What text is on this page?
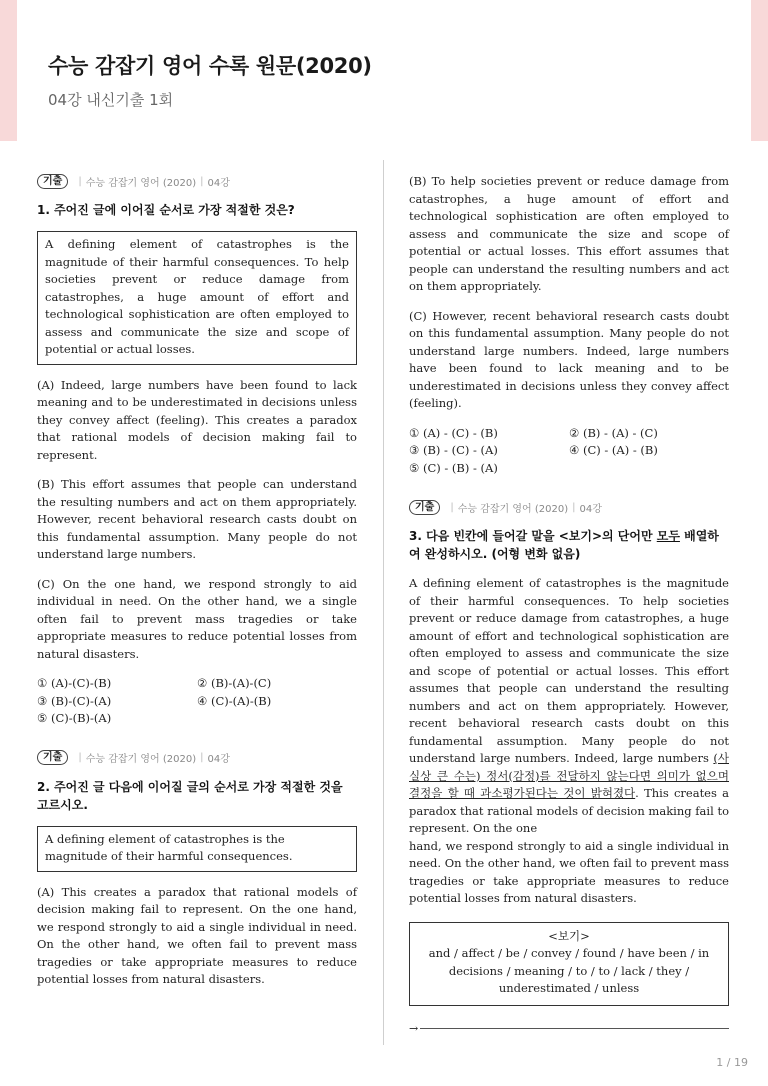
수능 감잡기 영어 수록 원문(2020)
04강 내신기출 1회
기출	| 수능 감잡기 영어 (2020) | 04강
1. 주어진 글에 이어질 순서로 가장 적절한 것은?
A defining element of catastrophes is the magnitude of their harmful consequences. To help societies prevent or reduce damage from catastrophes, a huge amount of effort and technological sophistication are often employed to assess and communicate the size and scope of potential or actual losses.
(A) Indeed, large numbers have been found to lack meaning and to be underestimated in decisions unless they convey affect (feeling). This creates a paradox that rational models of decision making fail to represent.
(B) This effort assumes that people can understand the resulting numbers and act on them appropriately. However, recent behavioral research casts doubt on this fundamental assumption. Many people do not understand large numbers.
(C) On the one hand, we respond strongly to aid individual in need. On the other hand, we a single often fail to prevent mass tragedies or take appropriate measures to reduce potential losses from natural disasters.
① (A)-(C)-(B)	② (B)-(A)-(C)
③ (B)-(C)-(A)	④ (C)-(A)-(B)
⑤ (C)-(B)-(A)
기출	| 수능 감잡기 영어 (2020) | 04강
2. 주어진 글 다음에 이어질 글의 순서로 가장 적절한 것을 고르시오.
A defining element of catastrophes is the magnitude of their harmful consequences.
(A) This creates a paradox that rational models of decision making fail to represent. On the one hand, we respond strongly to aid a single individual in need. On the other hand, we often fail to prevent mass tragedies or take appropriate measures to reduce potential losses from natural disasters.
(B) To help societies prevent or reduce damage from catastrophes, a huge amount of effort and technological sophistication are often employed to assess and communicate the size and scope of potential or actual losses. This effort assumes that people can understand the resulting numbers and act on them appropriately.
(C) However, recent behavioral research casts doubt on this fundamental assumption. Many people do not understand large numbers. Indeed, large numbers have been found to lack meaning and to be underestimated in decisions unless they convey affect (feeling).
① (A) - (C) - (B)	② (B) - (A) - (C)
③ (B) - (C) - (A)	④ (C) - (A) - (B)
⑤ (C) - (B) - (A)
기출	| 수능 감잡기 영어 (2020) | 04강
3. 다음 빈칸에 들어갈 말을 <보기>의 단어만 모두 배열하여 완성하시오. (어형 변화 없음)
A defining element of catastrophes is the magnitude of their harmful consequences. To help societies prevent or reduce damage from catastrophes, a huge amount of effort and technological sophistication are often employed to assess and communicate the size and scope of potential or actual losses. This effort assumes that people can understand the resulting numbers and act on them appropriately. However, recent behavioral research casts doubt on this fundamental assumption. Many people do not understand large numbers. Indeed, large numbers (사실상 큰 수는) 정서(감정)를 전달하지 않는다면 의미가 없으며 결정을 할 때 과소평가된다는 것이 밝혀졌다. This creates a paradox that rational models of decision making fail to represent. On the one
hand, we respond strongly to aid a single individual in need. On the other hand, we often fail to prevent mass tragedies or take appropriate measures to reduce potential losses from natural disasters.
<보기>
and / affect / be / convey / found / have been / in decisions / meaning / to / to / lack / they / underestimated / unless
→
1 / 19
